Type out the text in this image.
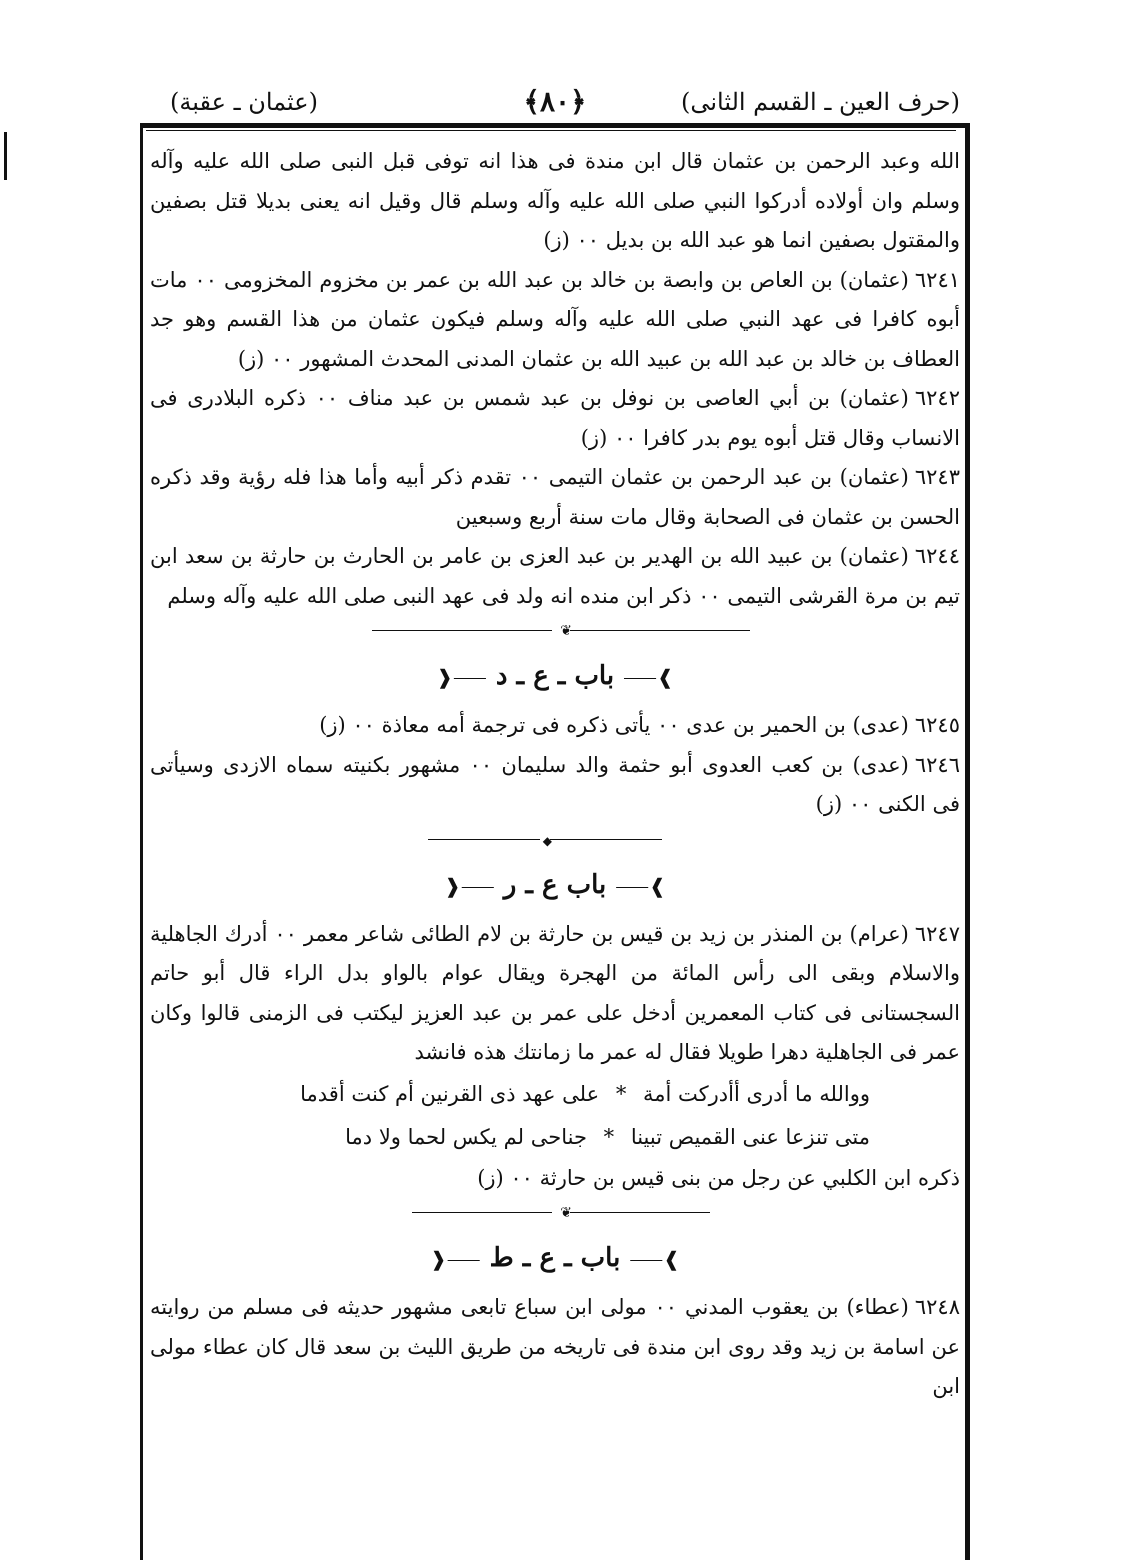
(حرف العين ـ القسم الثانى)
﴿٨٠﴾
(عثمان ـ عقبة)

الله وعبد الرحمن بن عثمان قال ابن مندة فى هذا انه توفى قبل النبى صلى الله عليه وآله وسلم وان أولاده أدركوا النبي صلى الله عليه وآله وسلم قال وقيل انه يعنى بديلا قتل بصفين والمقتول بصفين انما هو عبد الله بن بديل ٠٠ (ز)

٦٢٤١(عثمان) بن العاص بن وابصة بن خالد بن عبد الله بن عمر بن مخزوم المخزومى ٠٠ مات أبوه كافرا فى عهد النبي صلى الله عليه وآله وسلم فيكون عثمان من هذا القسم وهو جد العطاف بن خالد بن عبد الله بن عبيد الله بن عثمان المدنى المحدث المشهور ٠٠ (ز)

٦٢٤٢(عثمان) بن أبي العاصى بن نوفل بن عبد شمس بن عبد مناف ٠٠ ذكره البلادرى فى الانساب وقال قتل أبوه يوم بدر كافرا ٠٠ (ز)

٦٢٤٣(عثمان) بن عبد الرحمن بن عثمان التيمى ٠٠ تقدم ذكر أبيه وأما هذا فله رؤية وقد ذكره الحسن بن عثمان فى الصحابة وقال مات سنة أربع وسبعين

٦٢٤٤(عثمان) بن عبيد الله بن الهدير بن عبد العزى بن عامر بن الحارث بن حارثة بن سعد ابن تيم بن مرة القرشى التيمى ٠٠ ذكر ابن منده انه ولد فى عهد النبى صلى الله عليه وآله وسلم

❦
❱⸺ باب ـ ع ـ د ⸺❰

٦٢٤٥(عدى) بن الحمير بن عدى ٠٠ يأتى ذكره فى ترجمة أمه معاذة ٠٠ (ز)

٦٢٤٦(عدى) بن كعب العدوى أبو حثمة والد سليمان ٠٠ مشهور بكنيته سماه الازدى وسيأتى فى الكنى ٠٠ (ز)

◆
❱⸺ باب ع ـ ر ⸺❰

٦٢٤٧(عرام) بن المنذر بن زيد بن قيس بن حارثة بن لام الطائى شاعر معمر ٠٠ أدرك الجاهلية والاسلام وبقى الى رأس المائة من الهجرة ويقال عوام بالواو بدل الراء قال أبو حاتم السجستانى فى كتاب المعمرين أدخل على عمر بن عبد العزيز ليكتب فى الزمنى قالوا وكان عمر فى الجاهلية دهرا طويلا فقال له عمر ما زمانتك هذه فانشد

ووالله ما أدرى أأدركت أمة * على عهد ذى القرنين أم كنت أقدما
متى تنزعا عنى القميص تبينا * جناحى لم يكس لحما ولا دما

ذكره ابن الكلبي عن رجل من بنى قيس بن حارثة ٠٠ (ز)

❦
❱⸺ باب ـ ع ـ ط ⸺❰

٦٢٤٨(عطاء) بن يعقوب المدني ٠٠ مولى ابن سباع تابعى مشهور حديثه فى مسلم من روايته عن اسامة بن زيد وقد روى ابن مندة فى تاريخه من طريق الليث بن سعد قال كان عطاء مولى ابن
